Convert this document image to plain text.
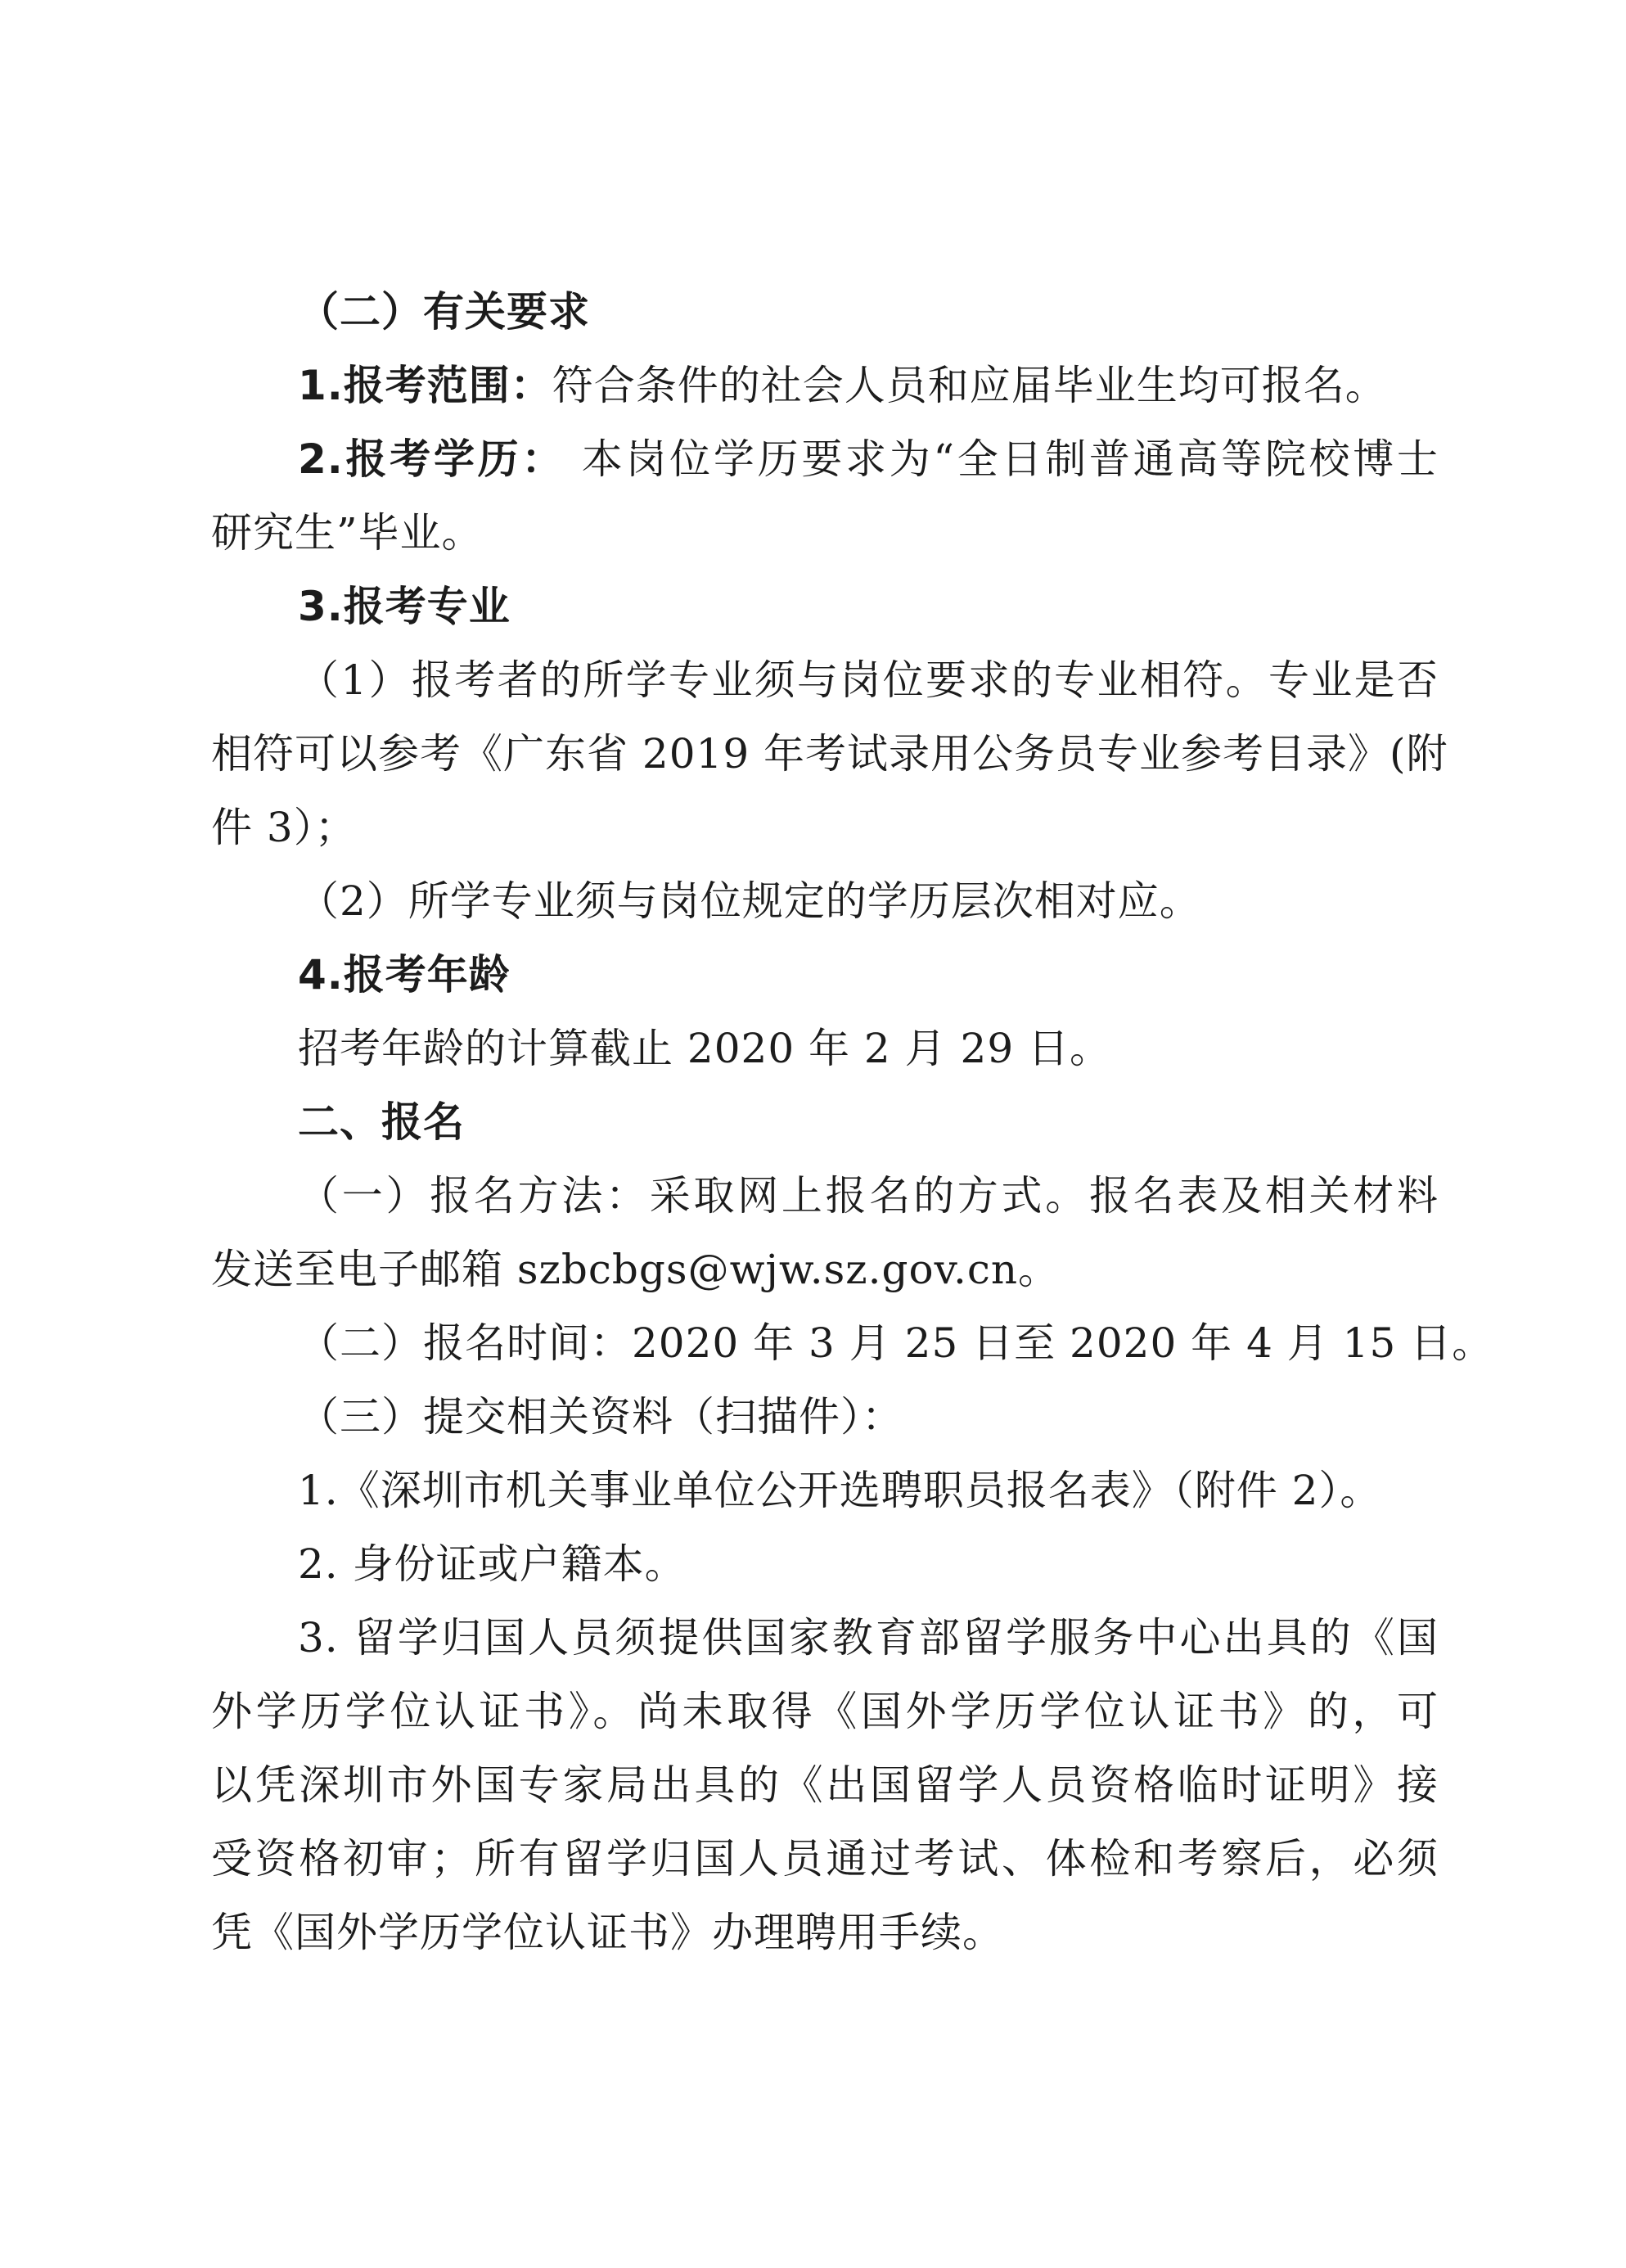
（二）有关要求
1.报考范围：符合条件的社会人员和应届毕业生均可报名。
2.报考学历： 本岗位学历要求为“全日制普通高等院校博士
研究生”毕业。
3.报考专业
（1）报考者的所学专业须与岗位要求的专业相符。专业是否
相符可以参考《广东省 2019 年考试录用公务员专业参考目录》(附
件 3）；
（2）所学专业须与岗位规定的学历层次相对应。
4.报考年龄
招考年龄的计算截止 2020 年 2 月 29 日。
二、报名
（一）报名方法：采取网上报名的方式。报名表及相关材料
发送至电子邮箱 szbcbgs@wjw.sz.gov.cn。
（二）报名时间：2020 年 3 月 25 日至 2020 年 4 月 15 日。
（三）提交相关资料（扫描件）：
1.《深圳市机关事业单位公开选聘职员报名表》（附件 2）。
2. 身份证或户籍本。
3. 留学归国人员须提供国家教育部留学服务中心出具的《国
外学历学位认证书》。尚未取得《国外学历学位认证书》的，可
以凭深圳市外国专家局出具的《出国留学人员资格临时证明》接
受资格初审；所有留学归国人员通过考试、体检和考察后，必须
凭《国外学历学位认证书》办理聘用手续。
